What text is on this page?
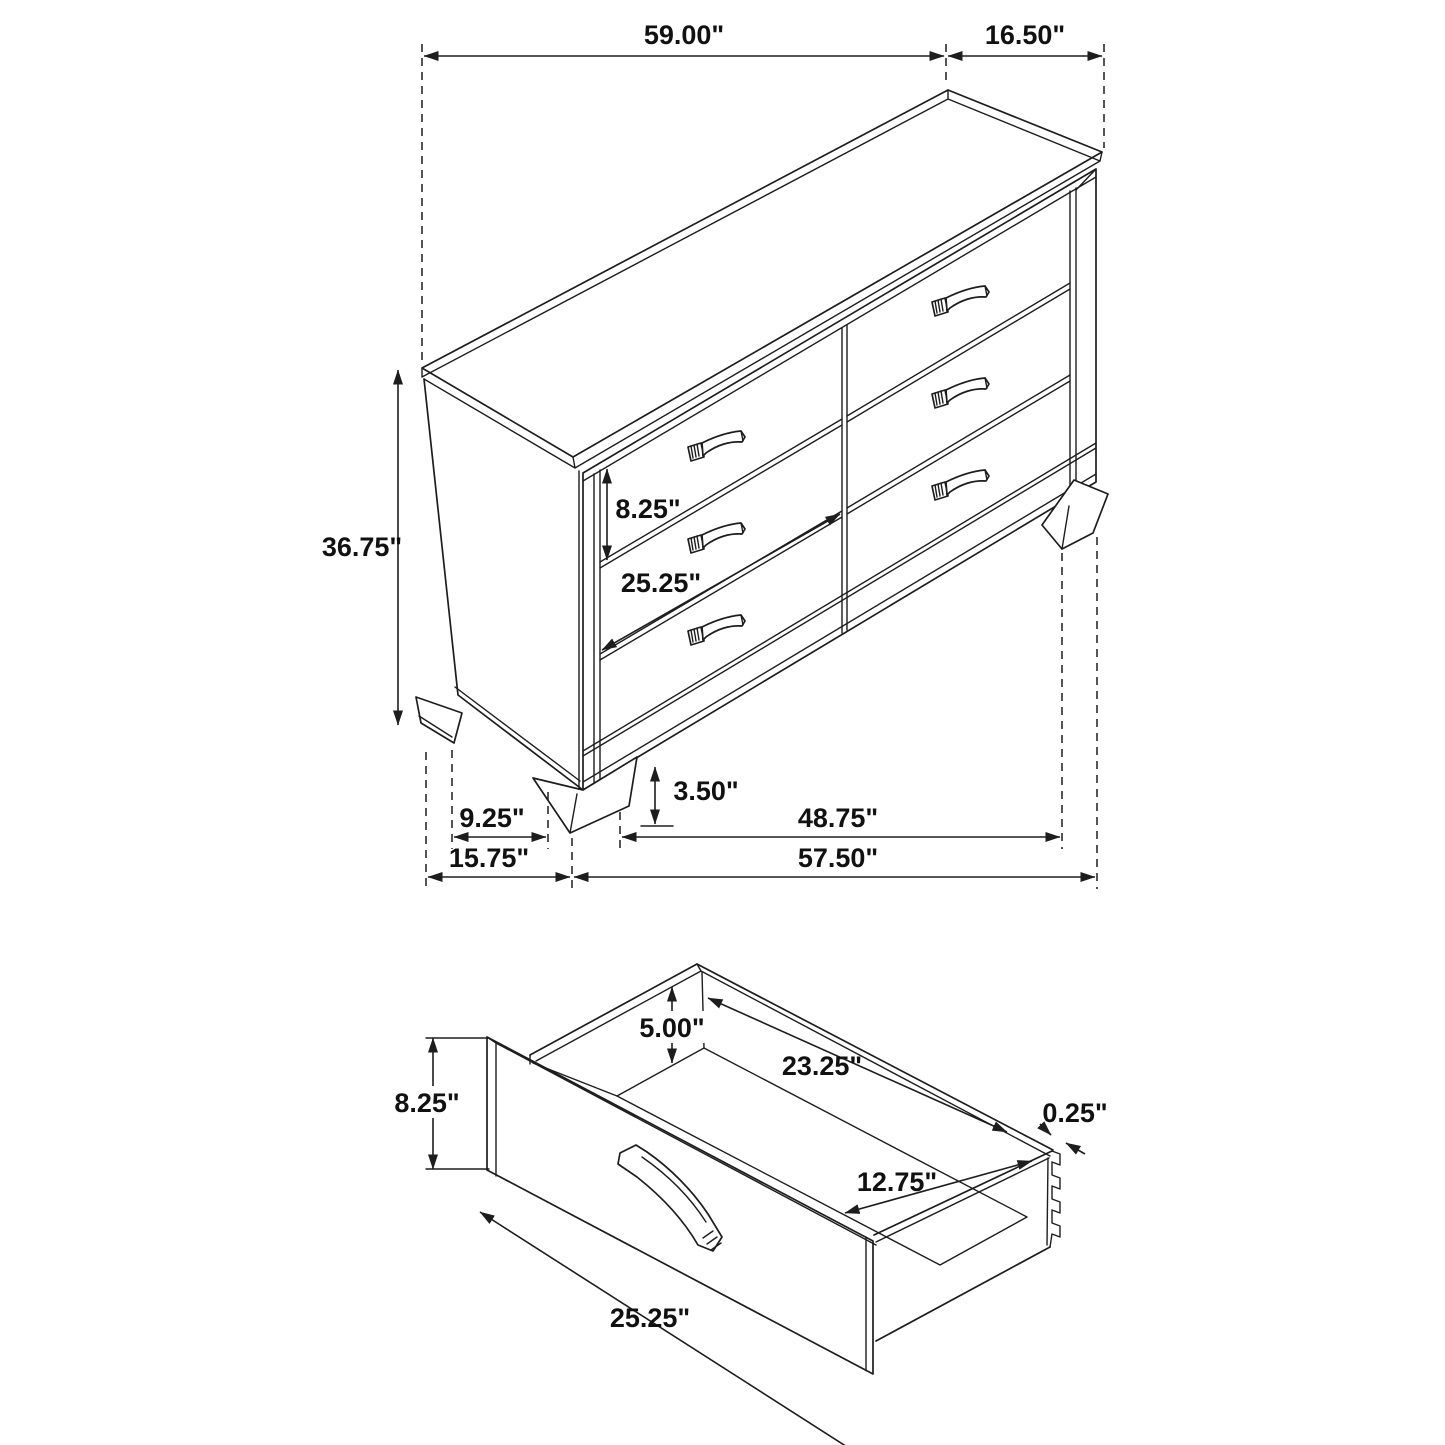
59.00"	16.50"
8.25"
25.25"
36.75"
3.50"
9.25"	48.75"
15.75"	57.50"
8.25"
5.00"
23.25"
12.75"
0.25"
25.25"
